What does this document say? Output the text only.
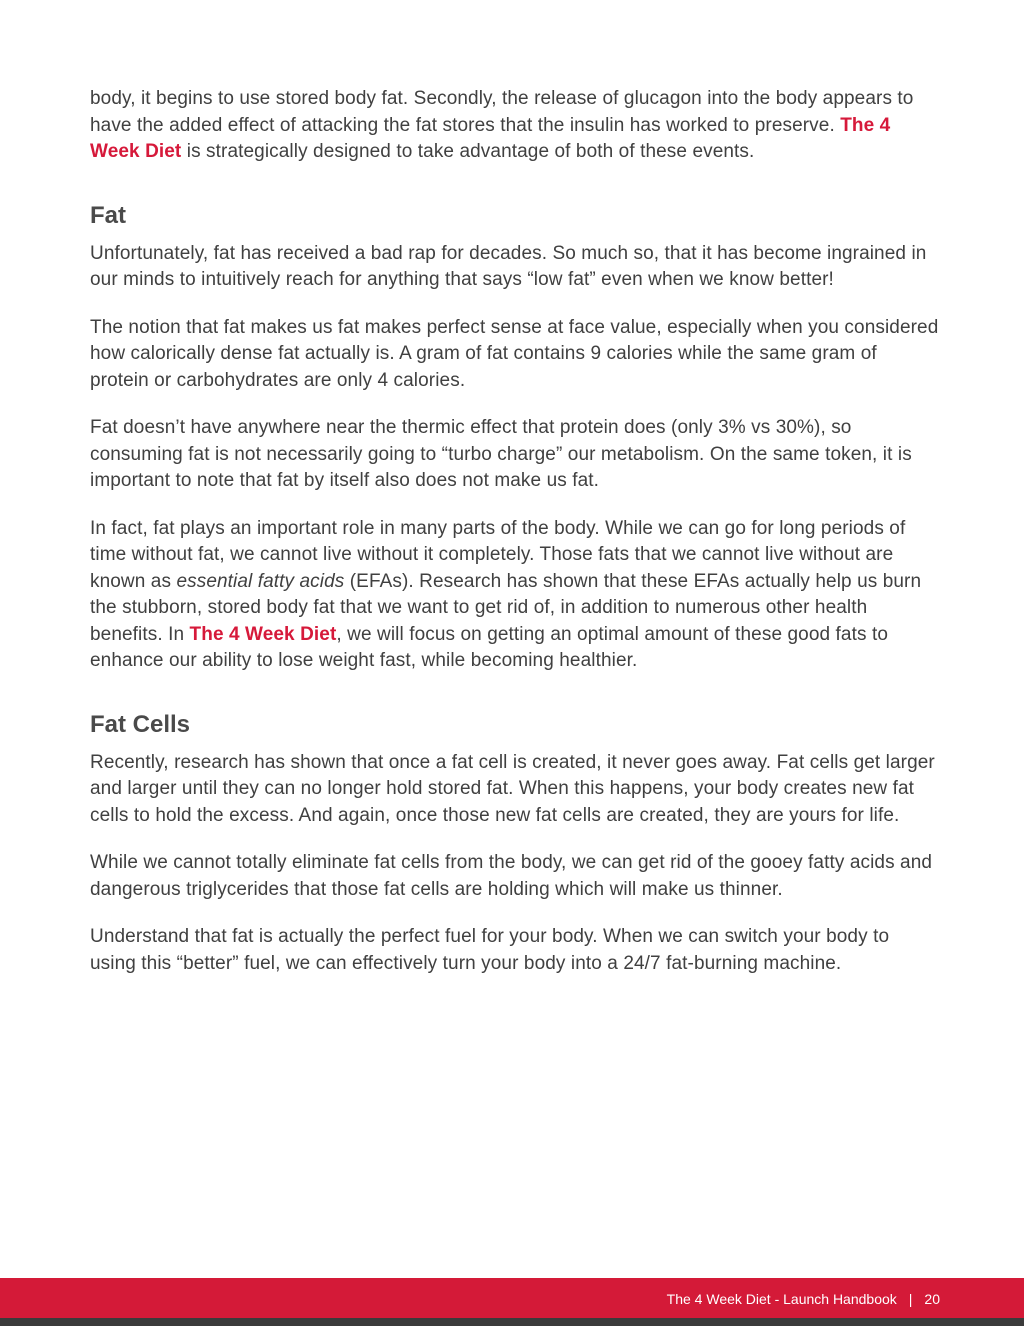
body, it begins to use stored body fat. Secondly, the release of glucagon into the body appears to have the added effect of attacking the fat stores that the insulin has worked to preserve. The 4 Week Diet is strategically designed to take advantage of both of these events.

Fat

Unfortunately, fat has received a bad rap for decades. So much so, that it has become ingrained in our minds to intuitively reach for anything that says “low fat” even when we know better!

The notion that fat makes us fat makes perfect sense at face value, especially when you considered how calorically dense fat actually is. A gram of fat contains 9 calories while the same gram of protein or carbohydrates are only 4 calories.

Fat doesn’t have anywhere near the thermic effect that protein does (only 3% vs 30%), so consuming fat is not necessarily going to “turbo charge” our metabolism. On the same token, it is important to note that fat by itself also does not make us fat.

In fact, fat plays an important role in many parts of the body. While we can go for long periods of time without fat, we cannot live without it completely. Those fats that we cannot live without are known as essential fatty acids (EFAs). Research has shown that these EFAs actually help us burn the stubborn, stored body fat that we want to get rid of, in addition to numerous other health benefits. In The 4 Week Diet, we will focus on getting an optimal amount of these good fats to enhance our ability to lose weight fast, while becoming healthier.

Fat Cells

Recently, research has shown that once a fat cell is created, it never goes away. Fat cells get larger and larger until they can no longer hold stored fat. When this happens, your body creates new fat cells to hold the excess. And again, once those new fat cells are created, they are yours for life.

While we cannot totally eliminate fat cells from the body, we can get rid of the gooey fatty acids and dangerous triglycerides that those fat cells are holding which will make us thinner.

Understand that fat is actually the perfect fuel for your body. When we can switch your body to using this “better” fuel, we can effectively turn your body into a 24/7 fat-burning machine.

The 4 Week Diet - Launch Handbook | 20
